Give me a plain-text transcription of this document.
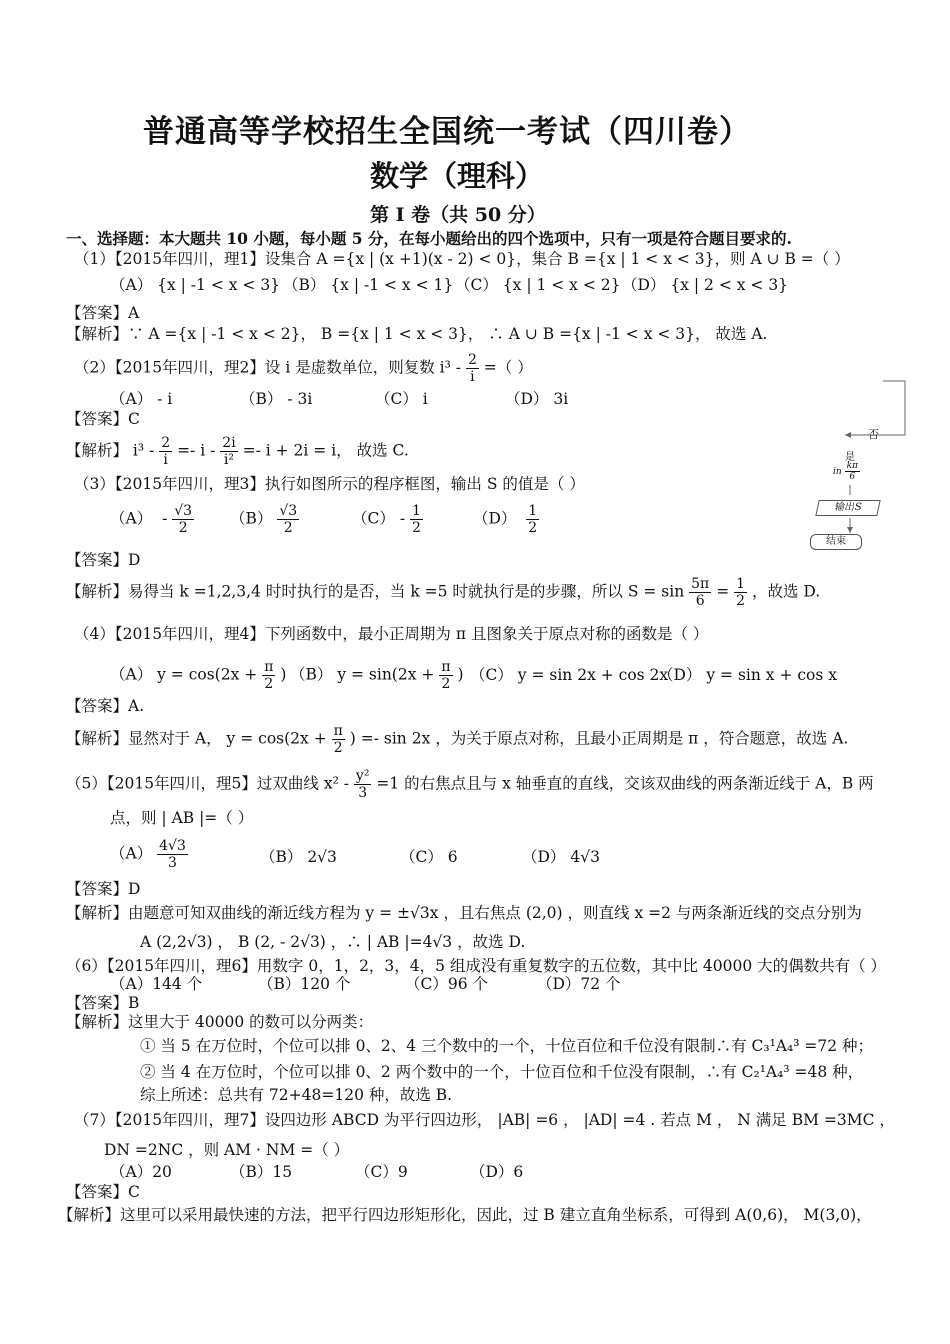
普通高等学校招生全国统一考试（四川卷）
数学（理科）
第 I 卷（共 50 分）
一、选择题：本大题共 10 小题，每小题 5 分，在每小题给出的四个选项中，只有一项是符合题目要求的.
（1）【2015年四川，理1】设集合 A ={x | (x +1)(x - 2) < 0}，集合 B ={x | 1 < x < 3}，则 A ∪ B =（ ）
（A） {x | -1 < x < 3} （B） {x | -1 < x < 1} （C） {x | 1 < x < 2} （D） {x | 2 < x < 3}
【答案】A
【解析】∵ A ={x | -1 < x < 2}， B ={x | 1 < x < 3}， ∴ A ∪ B ={x | -1 < x < 3}， 故选 A.
（2）【2015年四川，理2】设 i 是虚数单位，则复数 $i^3 - \frac{2}{i}$ =（ ）
（A） - i	（B） - 3i	（C） i	（D） 3i
【答案】C
【解析】 $i^3 - \frac{2}{i} =- i - \frac{2i}{\text{i²}} =- i + 2i = i$， 故选 C.
（3）【2015年四川，理3】执行如图所示的程序框图，输出 S 的值是（ ）
$(A) - \frac{√3}{2} (B) \frac{√3}{2}$	$(C) - \frac{1}{2}$	$(D) \frac{1}{2}$
【答案】D
【解析】易得当 k =1,2,3,4 时时执行的是否，当 k =5 时就执行是的步骤，所以 $S = \sin \frac{5\pi}{6} = \frac{1}{2}$ ，故选 D.
否
是
in $\frac{k\pi}{6}$
输出S
结束
（4）【2015年四川，理4】下列函数中，最小正周期为 π 且图象关于原点对称的函数是（ ）
（A） $y = \cos(2x + \frac{\pi}{2}$ ) （B） $y = \sin(2x + \frac{\pi}{2}$ ) （C） y = sin 2x + cos 2x
（D） y = sin x + cos x
【答案】A.
【解析】显然对于 A， $y = \cos(2x + \frac{\pi}{2}$ ) =- sin 2x ，为关于原点对称，且最小正周期是 π ，符合题意，故选 A.
（5）【2015年四川，理5】过双曲线 $x^2 - \frac{\text{y²}}{3} =1$ 的右焦点且与 x 轴垂直的直线，交该双曲线的两条渐近线于 A，B 两
点，则 | AB |=（ ）
$(A) \frac{4√3}{3}$	（B） 2√3	（C） 6	（D） 4√3
【答案】D
【解析】由题意可知双曲线的渐近线方程为 y = ±√3x ，且右焦点 (2,0) ，则直线 x =2 与两条渐近线的交点分别为
A (2,2√3) ， B (2, - 2√3) ，∴ | AB |=4√3 ，故选 D.
（6）【2015年四川，理6】用数字 0，1，2，3，4，5 组成没有重复数字的五位数，其中比 40000 大的偶数共有（ ）
（A）144 个	（B）120 个	（C）96 个	（D）72 个
【答案】B
【解析】这里大于 40000 的数可以分两类：
① 当 5 在万位时，个位可以排 0、2、4 三个数中的一个，十位百位和千位没有限制∴有 C₃¹A₄³ =72 种；
② 当 4 在万位时，个位可以排 0、2 两个数中的一个，十位百位和千位没有限制，∴有 C₂¹A₄³ =48 种，
综上所述：总共有 72+48=120 种，故选 B.
（7）【2015年四川，理7】设四边形 ABCD 为平行四边形， |AB| =6 ， |AD| =4 . 若点 M ， N 满足 BM =3MC ，
DN =2NC ，则 AM · NM =（ ）
（A）20	（B）15	（C）9	（D）6
【答案】C
【解析】这里可以采用最快速的方法，把平行四边形矩形化，因此，过 B 建立直角坐标系，可得到 A(0,6)， M(3,0)，
